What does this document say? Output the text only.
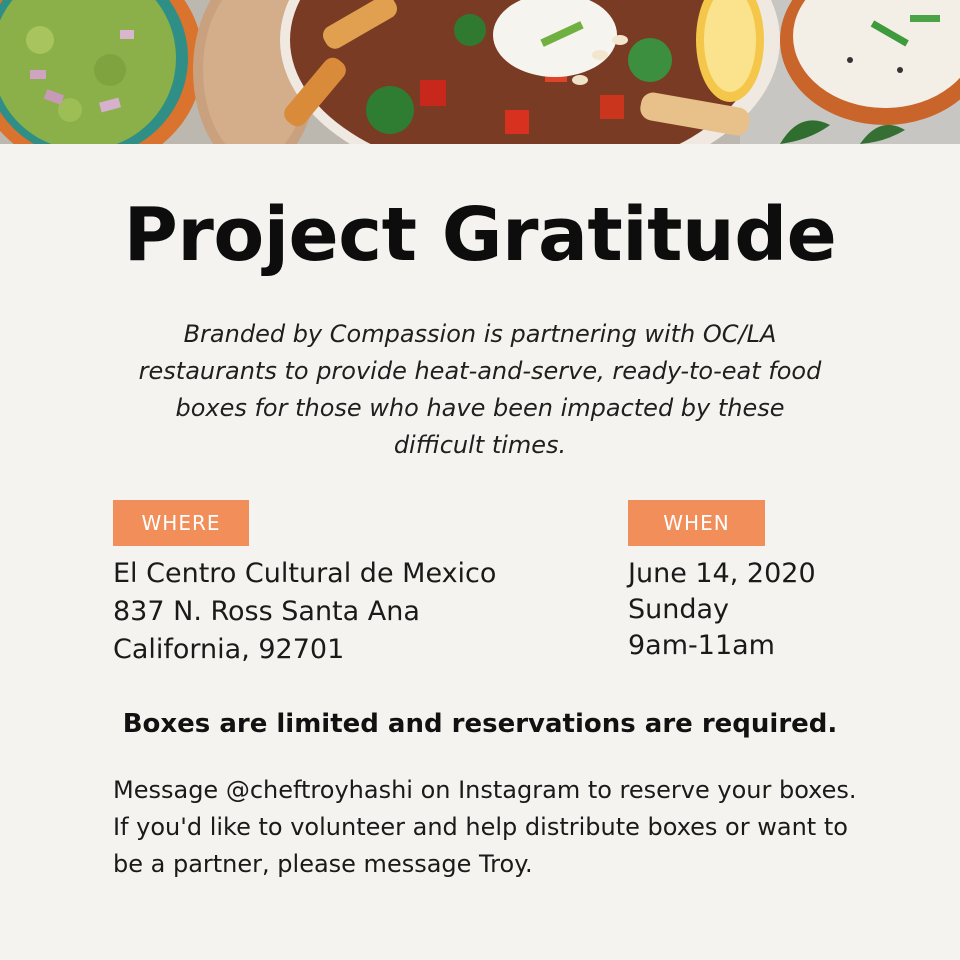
Project Gratitude

Branded by Compassion is partnering with OC/LA restaurants to provide heat-and-serve, ready-to-eat food boxes for those who have been impacted by these difficult times.

WHERE
El Centro Cultural de Mexico
837 N. Ross Santa Ana
California, 92701
WHEN
June 14, 2020
Sunday
9am-11am

Boxes are limited and reservations are required.

Message @cheftroyhashi on Instagram to reserve your boxes.
If you'd like to volunteer and help distribute boxes or want to
be a partner, please message Troy.
